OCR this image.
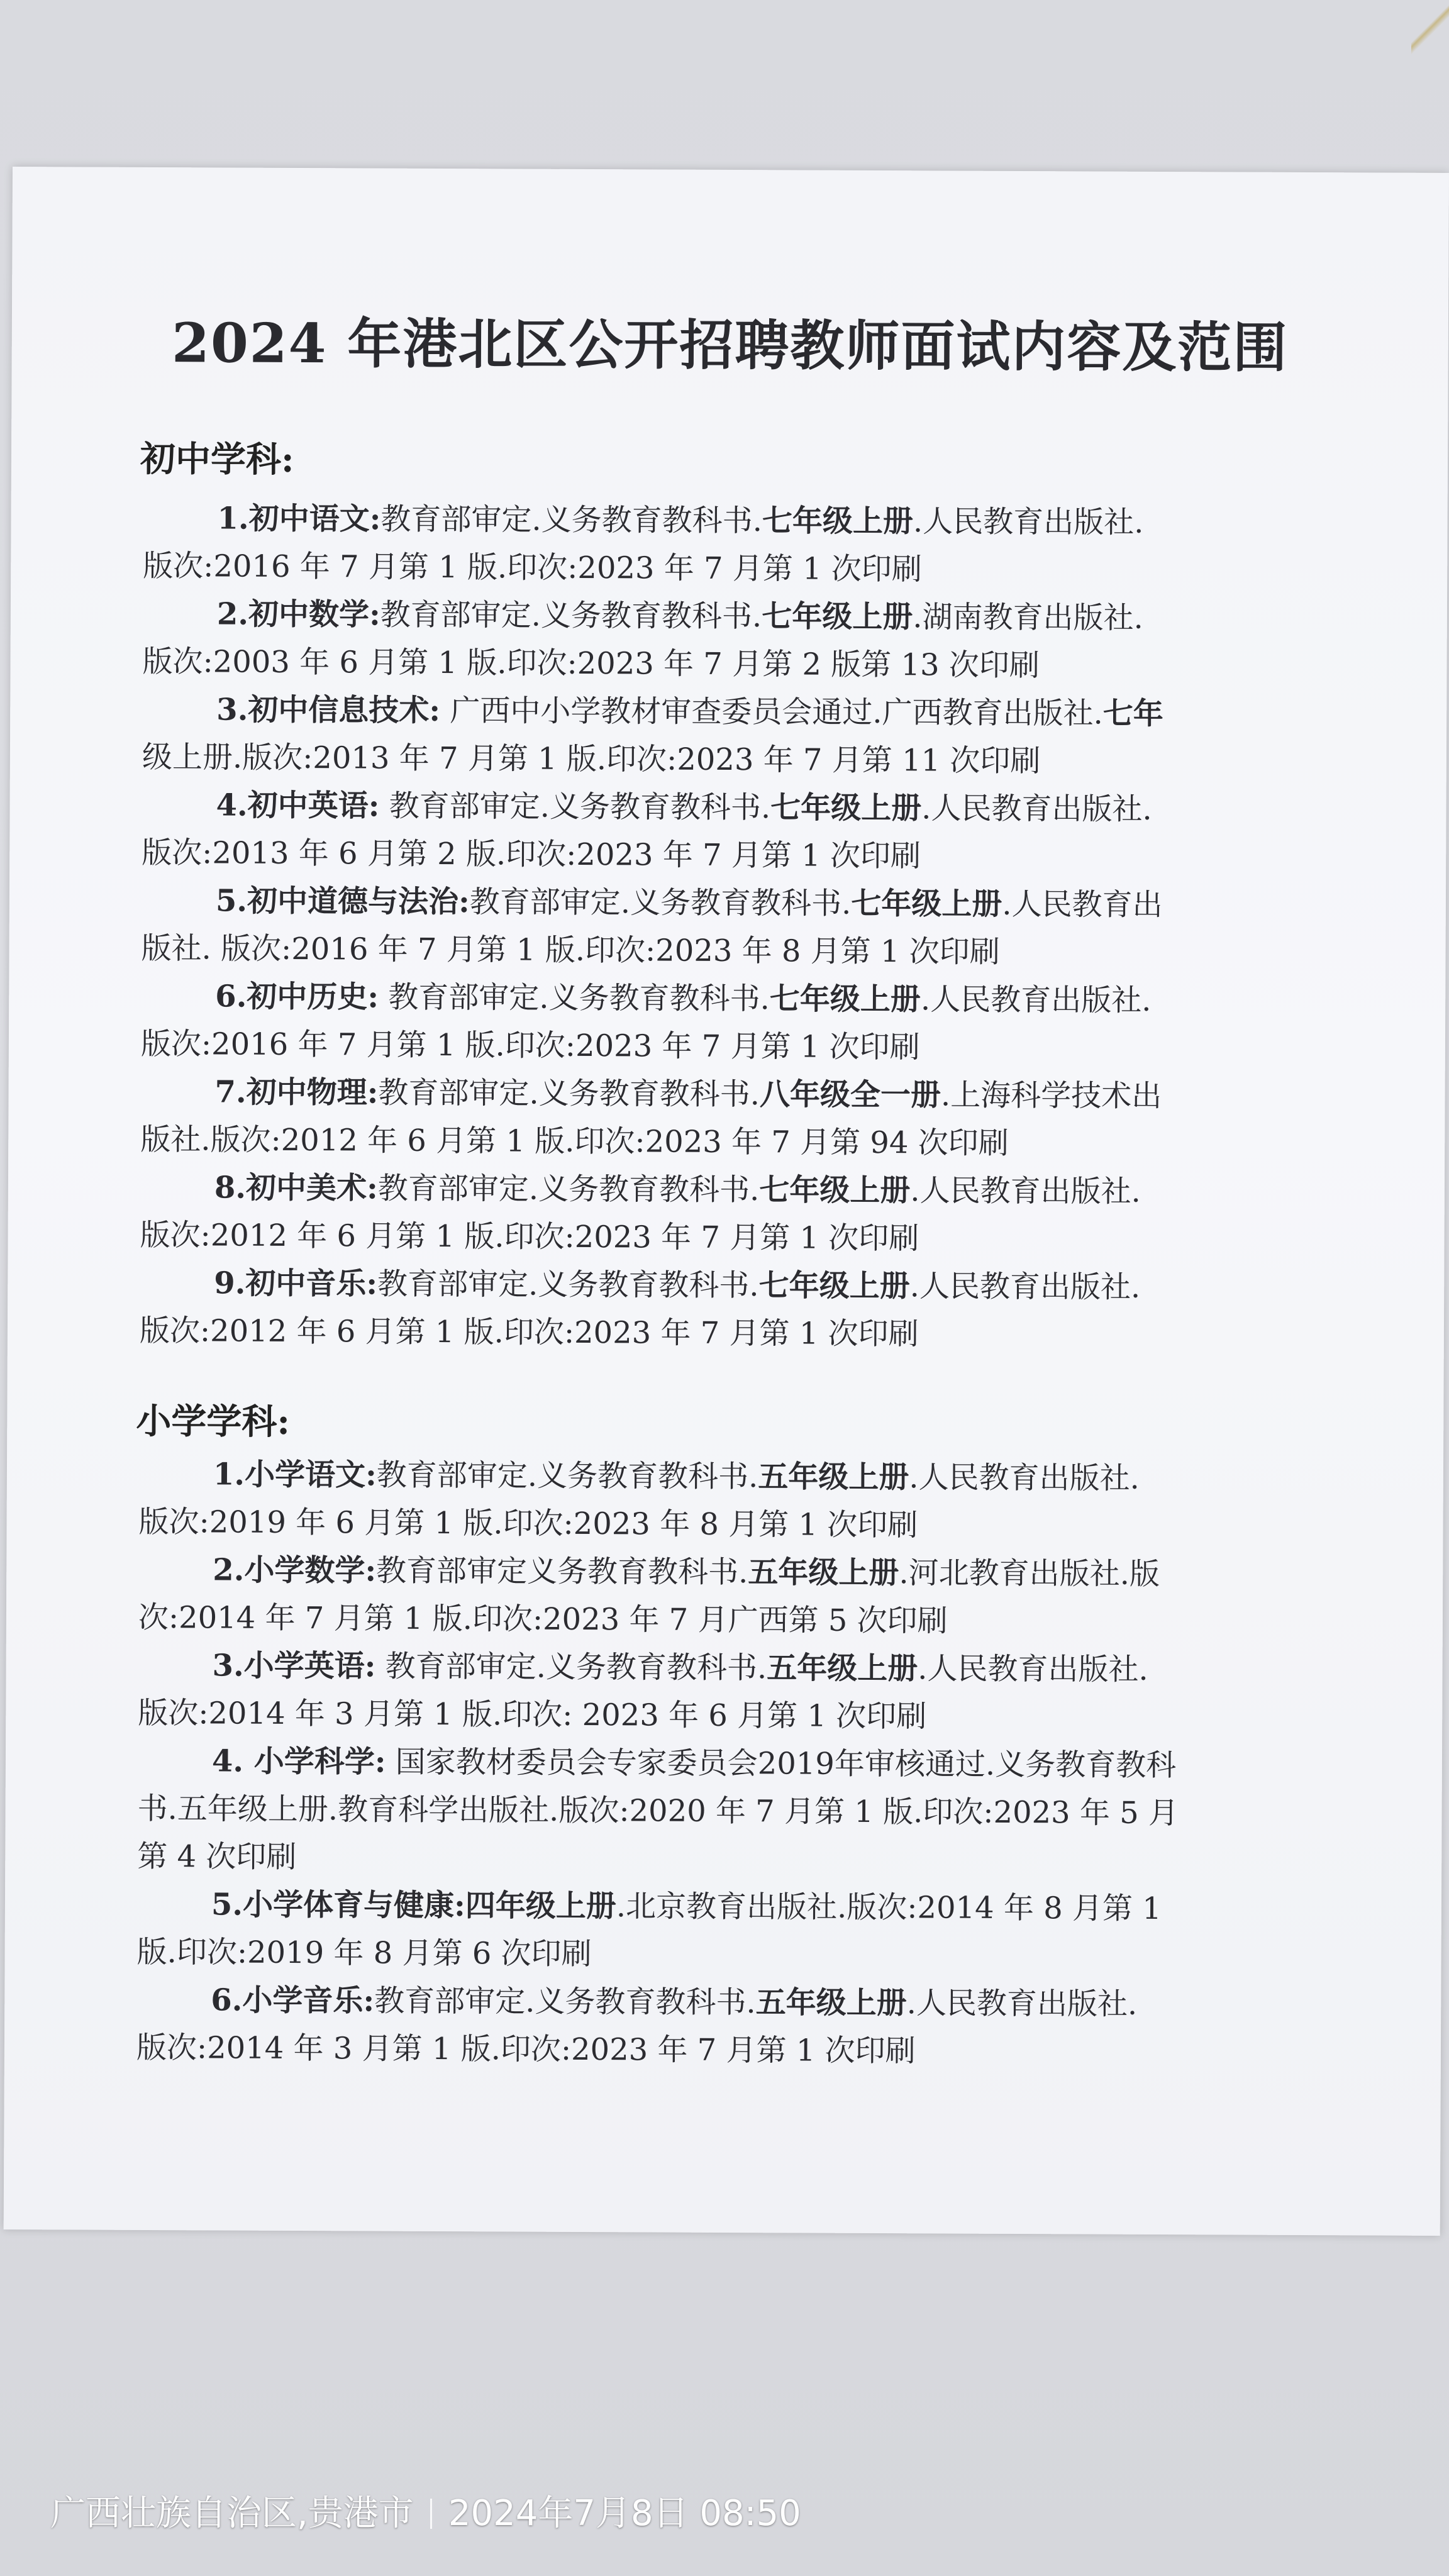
2024 年港北区公开招聘教师面试内容及范围
初中学科:
1.初中语文:教育部审定.义务教育教科书.七年级上册.人民教育出版社.
版次:2016 年 7 月第 1 版.印次:2023 年 7 月第 1 次印刷
2.初中数学:教育部审定.义务教育教科书.七年级上册.湖南教育出版社.
版次:2003 年 6 月第 1 版.印次:2023 年 7 月第 2 版第 13 次印刷
3.初中信息技术: 广西中小学教材审查委员会通过.广西教育出版社.七年
级上册.版次:2013 年 7 月第 1 版.印次:2023 年 7 月第 11 次印刷
4.初中英语: 教育部审定.义务教育教科书.七年级上册.人民教育出版社.
版次:2013 年 6 月第 2 版.印次:2023 年 7 月第 1 次印刷
5.初中道德与法治:教育部审定.义务教育教科书.七年级上册.人民教育出
版社. 版次:2016 年 7 月第 1 版.印次:2023 年 8 月第 1 次印刷
6.初中历史: 教育部审定.义务教育教科书.七年级上册.人民教育出版社.
版次:2016 年 7 月第 1 版.印次:2023 年 7 月第 1 次印刷
7.初中物理:教育部审定.义务教育教科书.八年级全一册.上海科学技术出
版社.版次:2012 年 6 月第 1 版.印次:2023 年 7 月第 94 次印刷
8.初中美术:教育部审定.义务教育教科书.七年级上册.人民教育出版社.
版次:2012 年 6 月第 1 版.印次:2023 年 7 月第 1 次印刷
9.初中音乐:教育部审定.义务教育教科书.七年级上册.人民教育出版社.
版次:2012 年 6 月第 1 版.印次:2023 年 7 月第 1 次印刷
小学学科:
1.小学语文:教育部审定.义务教育教科书.五年级上册.人民教育出版社.
版次:2019 年 6 月第 1 版.印次:2023 年 8 月第 1 次印刷
2.小学数学:教育部审定义务教育教科书.五年级上册.河北教育出版社.版
次:2014 年 7 月第 1 版.印次:2023 年 7 月广西第 5 次印刷
3.小学英语: 教育部审定.义务教育教科书.五年级上册.人民教育出版社.
版次:2014 年 3 月第 1 版.印次: 2023 年 6 月第 1 次印刷
4. 小学科学: 国家教材委员会专家委员会2019年审核通过.义务教育教科
书.五年级上册.教育科学出版社.版次:2020 年 7 月第 1 版.印次:2023 年 5 月
第 4 次印刷
5.小学体育与健康:四年级上册.北京教育出版社.版次:2014 年 8 月第 1
版.印次:2019 年 8 月第 6 次印刷
6.小学音乐:教育部审定.义务教育教科书.五年级上册.人民教育出版社.
版次:2014 年 3 月第 1 版.印次:2023 年 7 月第 1 次印刷
广西壮族自治区,贵港市 2024年7月8日 08:50
